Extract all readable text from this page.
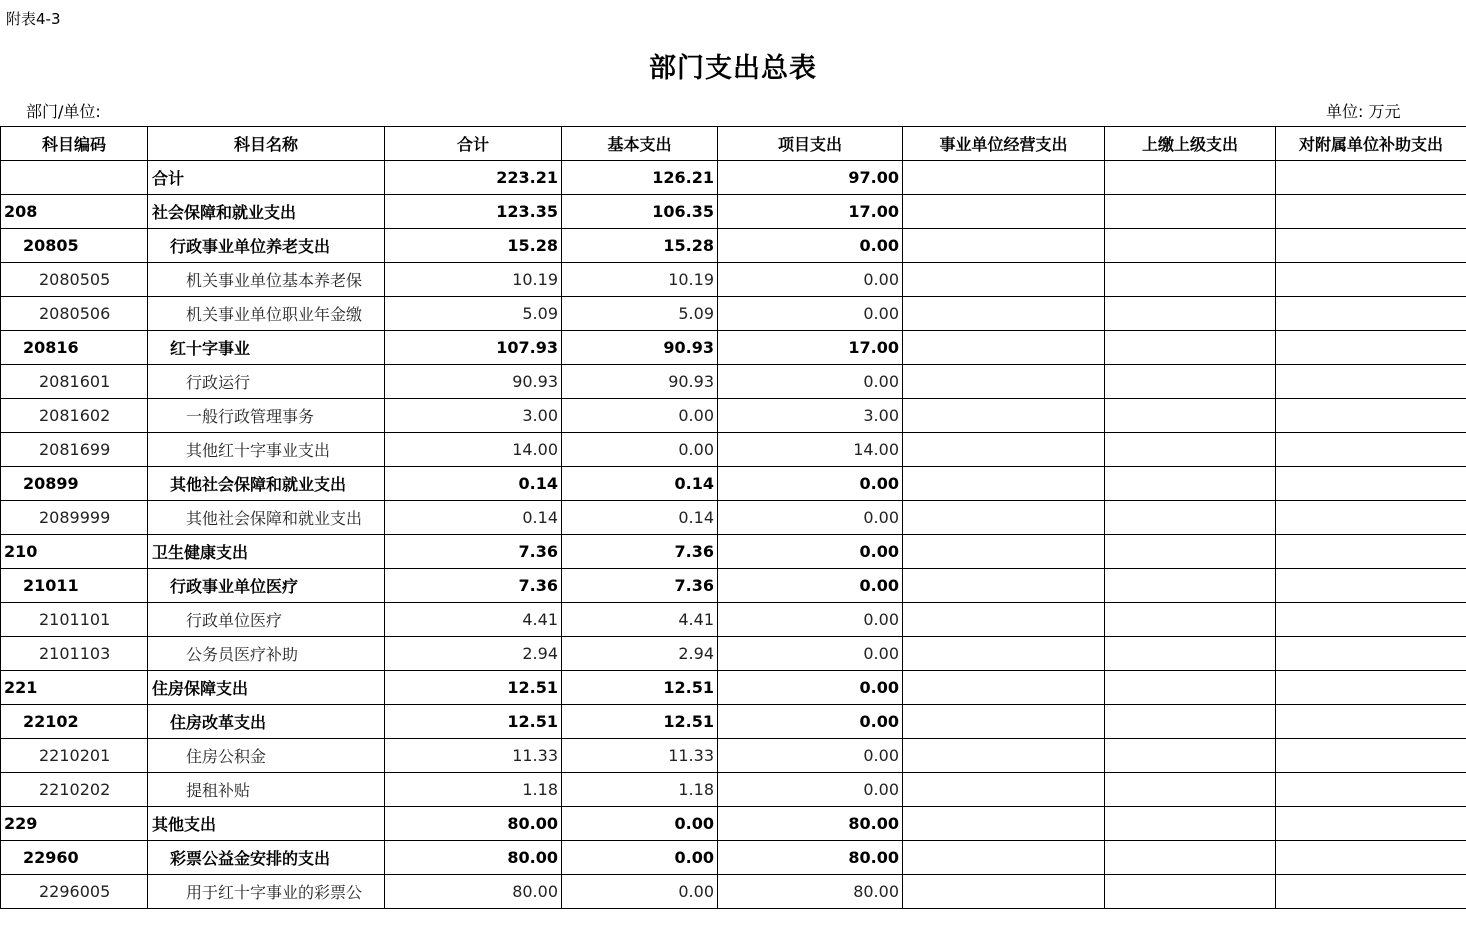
附表4-3
部门支出总表
部门/单位:	单位: 万元
科目编码	科目名称	合计	基本支出	项目支出	事业单位经营支出	上缴上级支出	对附属单位补助支出
	合计	223.21	126.21	97.00			
208	社会保障和就业支出	123.35	106.35	17.00			
20805	行政事业单位养老支出	15.28	15.28	0.00			
2080505	机关事业单位基本养老保	10.19	10.19	0.00			
2080506	机关事业单位职业年金缴	5.09	5.09	0.00			
20816	红十字事业	107.93	90.93	17.00			
2081601	行政运行	90.93	90.93	0.00			
2081602	一般行政管理事务	3.00	0.00	3.00			
2081699	其他红十字事业支出	14.00	0.00	14.00			
20899	其他社会保障和就业支出	0.14	0.14	0.00			
2089999	其他社会保障和就业支出	0.14	0.14	0.00			
210	卫生健康支出	7.36	7.36	0.00			
21011	行政事业单位医疗	7.36	7.36	0.00			
2101101	行政单位医疗	4.41	4.41	0.00			
2101103	公务员医疗补助	2.94	2.94	0.00			
221	住房保障支出	12.51	12.51	0.00			
22102	住房改革支出	12.51	12.51	0.00			
2210201	住房公积金	11.33	11.33	0.00			
2210202	提租补贴	1.18	1.18	0.00			
229	其他支出	80.00	0.00	80.00			
22960	彩票公益金安排的支出	80.00	0.00	80.00			
2296005	用于红十字事业的彩票公	80.00	0.00	80.00			
